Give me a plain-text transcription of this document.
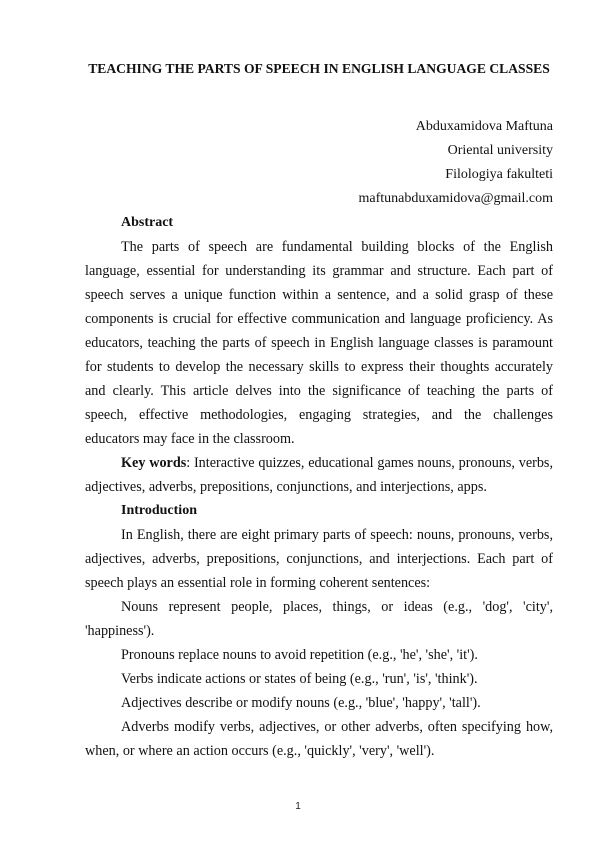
TEACHING THE PARTS OF SPEECH IN ENGLISH LANGUAGE CLASSES

Abduxamidova Maftuna

Oriental university

Filologiya fakulteti

maftunabduxamidova@gmail.com

Abstract

The parts of speech are fundamental building blocks of the English language, essential for understanding its grammar and structure. Each part of speech serves a unique function within a sentence, and a solid grasp of these components is crucial for effective communication and language proficiency. As educators, teaching the parts of speech in English language classes is paramount for students to develop the necessary skills to express their thoughts accurately and clearly. This article delves into the significance of teaching the parts of speech, effective methodologies, engaging strategies, and the challenges educators may face in the classroom.

Key words: Interactive quizzes, educational games nouns, pronouns, verbs, adjectives, adverbs, prepositions, conjunctions, and interjections, apps.

Introduction

In English, there are eight primary parts of speech: nouns, pronouns, verbs, adjectives, adverbs, prepositions, conjunctions, and interjections. Each part of speech plays an essential role in forming coherent sentences:

Nouns represent people, places, things, or ideas (e.g., 'dog', 'city', 'happiness').

Pronouns replace nouns to avoid repetition (e.g., 'he', 'she', 'it').

Verbs indicate actions or states of being (e.g., 'run', 'is', 'think').

Adjectives describe or modify nouns (e.g., 'blue', 'happy', 'tall').

Adverbs modify verbs, adjectives, or other adverbs, often specifying how, when, or where an action occurs (e.g., 'quickly', 'very', 'well').

1
